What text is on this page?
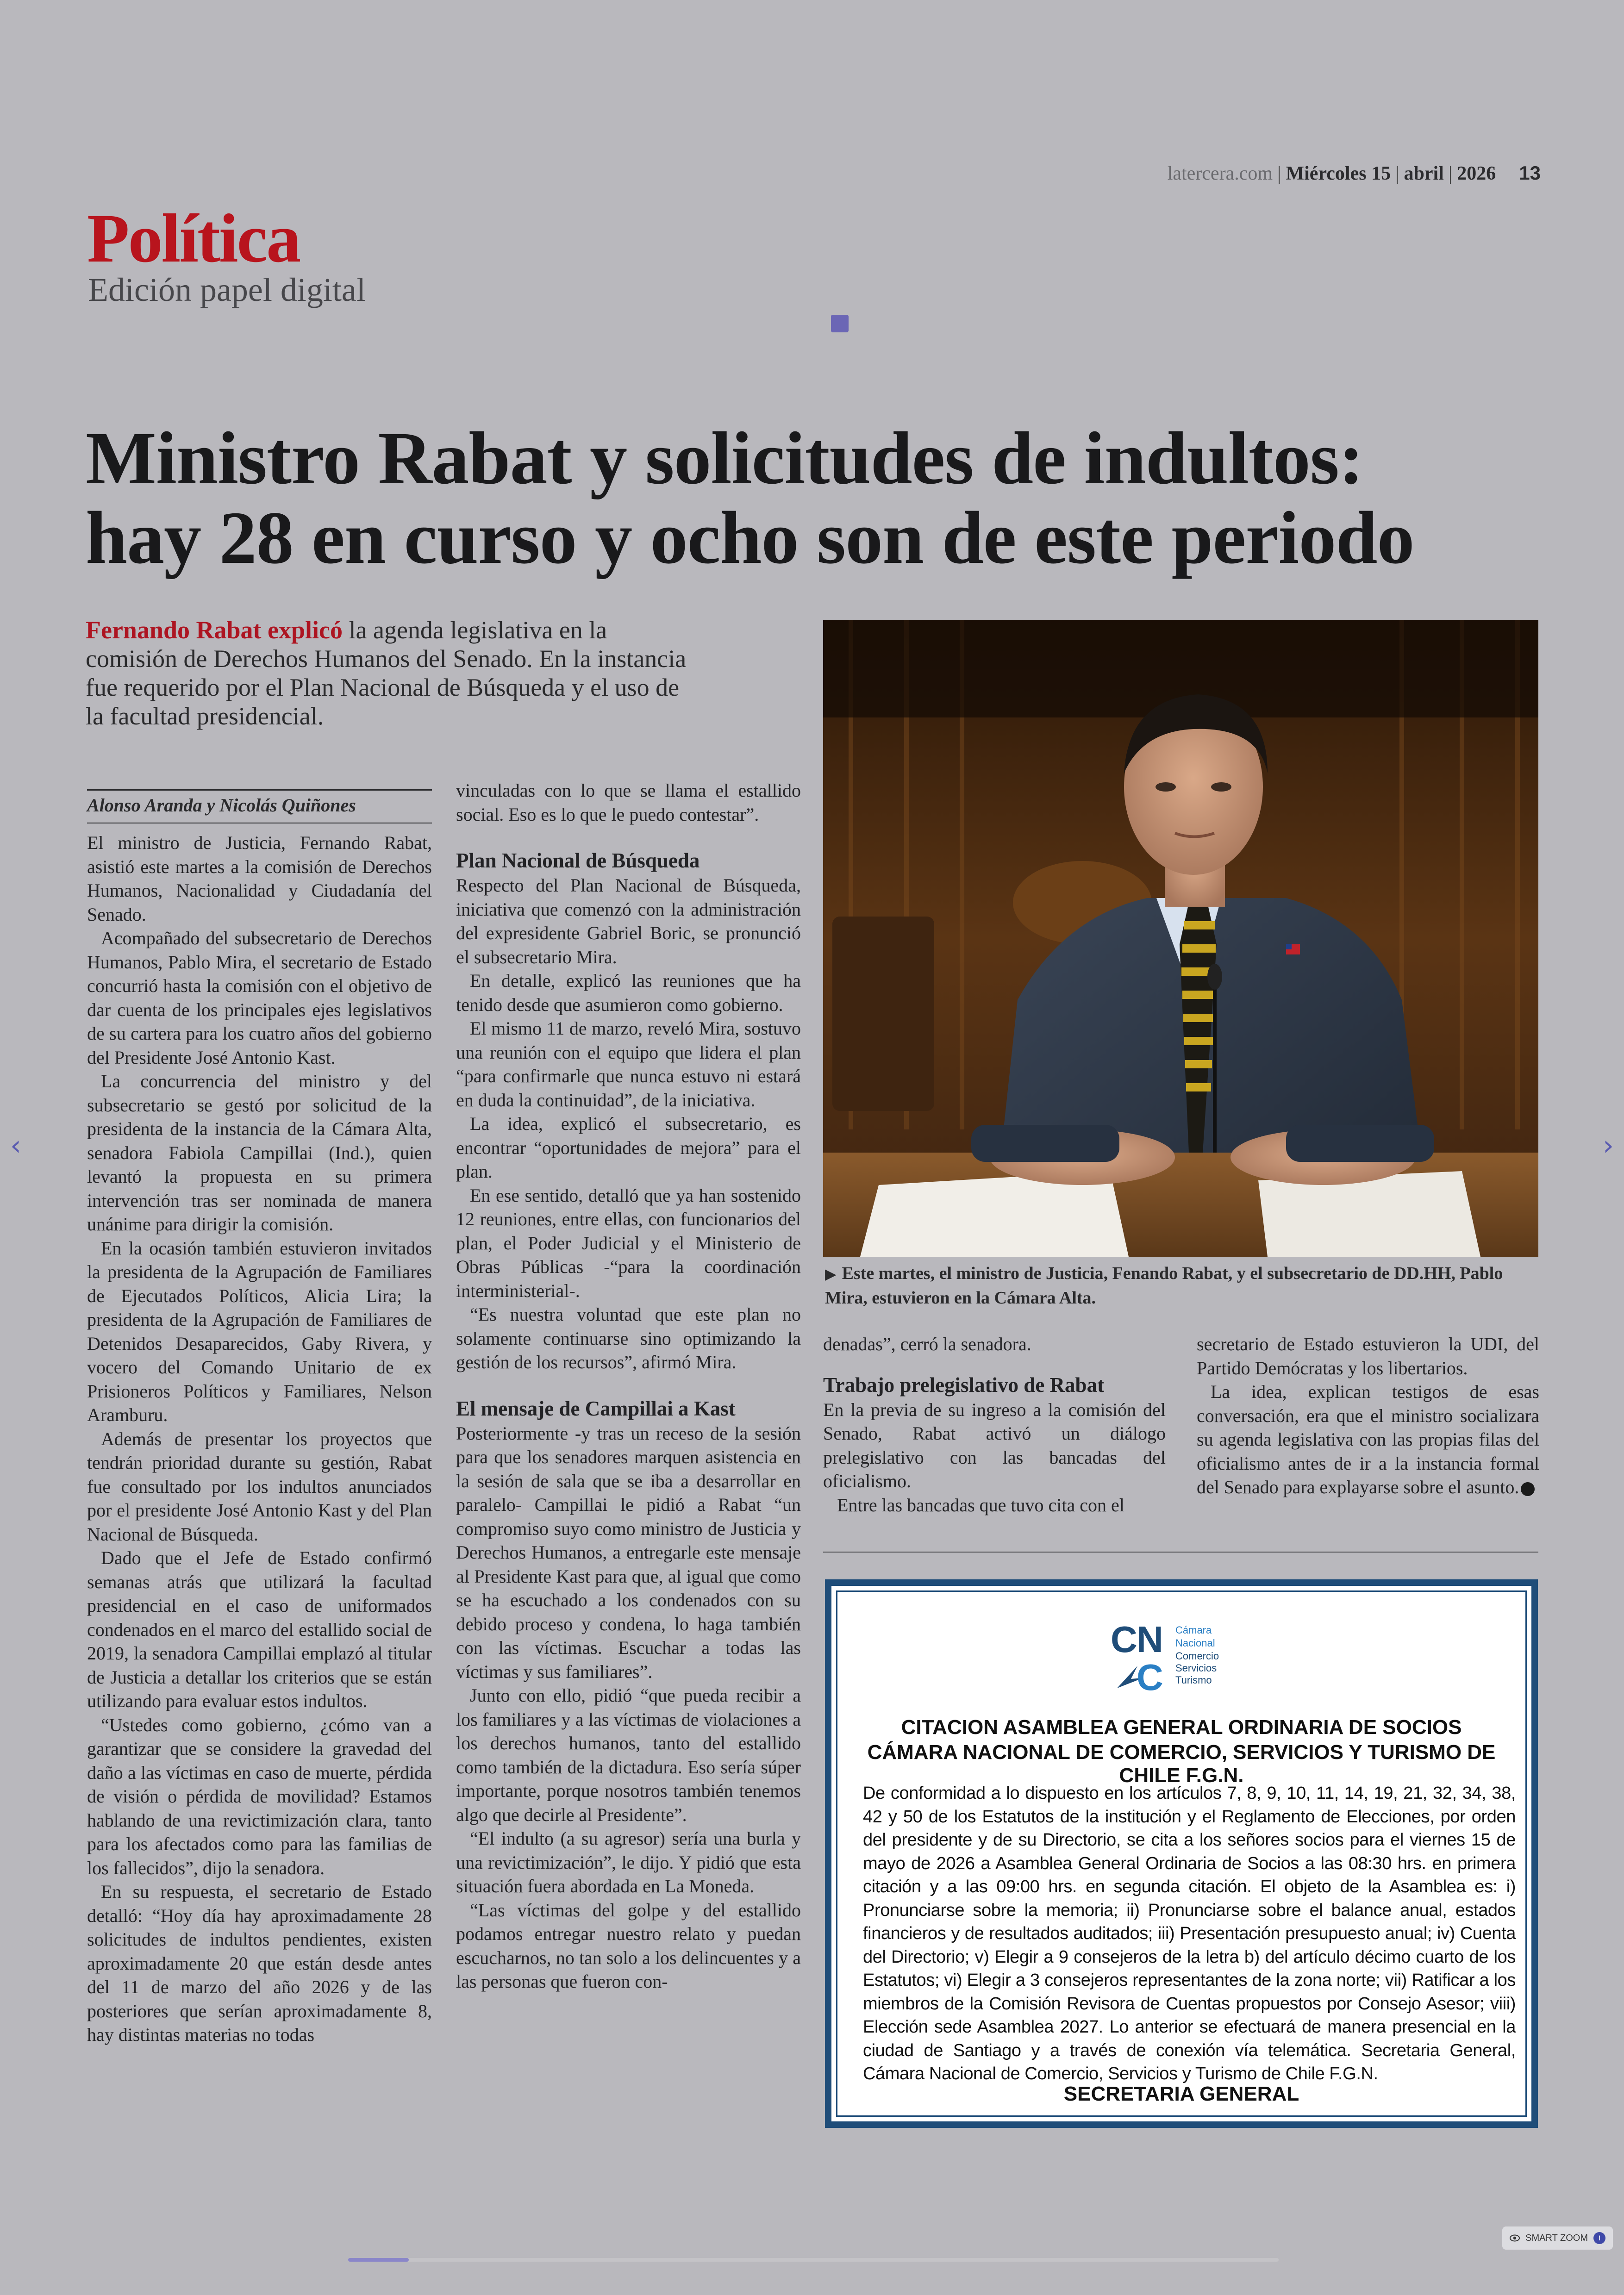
latercera.com | Miércoles 15 | abril | 2026 13
Política
Edición papel digital
Ministro Rabat y solicitudes de indultos:
hay 28 en curso y ocho son de este periodo
Fernando Rabat explicó la agenda legislativa en la comisión de Derechos Humanos del Senado. En la instancia fue requerido por el Plan Nacional de Búsqueda y el uso de la facultad presidencial.
▶ Este martes, el ministro de Justicia, Fenando Rabat, y el subsecretario de DD.HH, Pablo Mira, estuvieron en la Cámara Alta.
Alonso Aranda y Nicolás Quiñones

El ministro de Justicia, Fernando Rabat, asistió este martes a la comisión de Derechos Humanos, Nacionalidad y Ciudadanía del Senado.

Acompañado del subsecretario de Derechos Humanos, Pablo Mira, el secretario de Estado concurrió hasta la comisión con el objetivo de dar cuenta de los principales ejes legislativos de su cartera para los cuatro años del gobierno del Presidente José Antonio Kast.

La concurrencia del ministro y del subsecretario se gestó por solicitud de la presidenta de la instancia de la Cámara Alta, senadora Fabiola Campillai (Ind.), quien levantó la propuesta en su primera intervención tras ser nominada de manera unánime para dirigir la comisión.

En la ocasión también estuvieron invitados la presidenta de la Agrupación de Familiares de Ejecutados Políticos, Alicia Lira; la presidenta de la Agrupación de Familiares de Detenidos Desaparecidos, Gaby Rivera, y vocero del Comando Unitario de ex Prisioneros Políticos y Familiares, Nelson Aramburu.

Además de presentar los proyectos que tendrán prioridad durante su gestión, Rabat fue consultado por los indultos anunciados por el presidente José Antonio Kast y del Plan Nacional de Búsqueda.

Dado que el Jefe de Estado confirmó semanas atrás que utilizará la facultad presidencial en el caso de uniformados condenados en el marco del estallido social de 2019, la senadora Campillai emplazó al titular de Justicia a detallar los criterios que se están utilizando para evaluar estos indultos.

“Ustedes como gobierno, ¿cómo van a garantizar que se considere la gravedad del daño a las víctimas en caso de muerte, pérdida de visión o pérdida de movilidad? Estamos hablando de una revictimización clara, tanto para los afectados como para las familias de los fallecidos”, dijo la senadora.

En su respuesta, el secretario de Estado detalló: “Hoy día hay aproximadamente 28 solicitudes de indultos pendientes, existen aproximadamente 20 que están desde antes del 11 de marzo del año 2026 y de las posteriores que serían aproximadamente 8, hay distintas materias no todas

vinculadas con lo que se llama el estallido social. Eso es lo que le puedo contestar”.

Plan Nacional de Búsqueda

Respecto del Plan Nacional de Búsqueda, iniciativa que comenzó con la administración del expresidente Gabriel Boric, se pronunció el subsecretario Mira.

En detalle, explicó las reuniones que ha tenido desde que asumieron como gobierno.

El mismo 11 de marzo, reveló Mira, sostuvo una reunión con el equipo que lidera el plan “para confirmarle que nunca estuvo ni estará en duda la continuidad”, de la iniciativa.

La idea, explicó el subsecretario, es encontrar “oportunidades de mejora” para el plan.

En ese sentido, detalló que ya han sostenido 12 reuniones, entre ellas, con funcionarios del plan, el Poder Judicial y el Ministerio de Obras Públicas -“para la coordinación interministerial-.

“Es nuestra voluntad que este plan no solamente continuarse sino optimizando la gestión de los recursos”, afirmó Mira.

El mensaje de Campillai a Kast

Posteriormente -y tras un receso de la sesión para que los senadores marquen asistencia en la sesión de sala que se iba a desarrollar en paralelo- Campillai le pidió a Rabat “un compromiso suyo como ministro de Justicia y Derechos Humanos, a entregarle este mensaje al Presidente Kast para que, al igual que como se ha escuchado a los condenados con su debido proceso y condena, lo haga también con las víctimas. Escuchar a todas las víctimas y sus familiares”.

Junto con ello, pidió “que pueda recibir a los familiares y a las víctimas de violaciones a los derechos humanos, tanto del estallido como también de la dictadura. Eso sería súper importante, porque nosotros también tenemos algo que decirle al Presidente”.

“El indulto (a su agresor) sería una burla y una revictimización”, le dijo. Y pidió que esta situación fuera abordada en La Moneda.

“Las víctimas del golpe y del estallido podamos entregar nuestro relato y puedan escucharnos, no tan solo a los delincuentes y a las personas que fueron con-

denadas”, cerró la senadora.

Trabajo prelegislativo de Rabat

En la previa de su ingreso a la comisión del Senado, Rabat activó un diálogo prelegislativo con las bancadas del oficialismo.

Entre las bancadas que tuvo cita con el

secretario de Estado estuvieron la UDI, del Partido Demócratas y los libertarios.

La idea, explican testigos de esas conversación, era que el ministro socializara su agenda legislativa con las propias filas del oficialismo antes de ir a la instancia formal del Senado para explayarse sobre el asunto.

C
N
C
Cámara
Nacional
Comercio
Servicios
Turismo
CITACION ASAMBLEA GENERAL ORDINARIA DE SOCIOS
CÁMARA NACIONAL DE COMERCIO, SERVICIOS Y TURISMO DE CHILE F.G.N.
De conformidad a lo dispuesto en los artículos 7, 8, 9, 10, 11, 14, 19, 21, 32, 34, 38, 42 y 50 de los Estatutos de la institución y el Reglamento de Elecciones, por orden del presidente y de su Directorio, se cita a los señores socios para el viernes 15 de mayo de 2026 a Asamblea General Ordinaria de Socios a las 08:30 hrs. en primera citación y a las 09:00 hrs. en segunda citación. El objeto de la Asamblea es: i) Pronunciarse sobre la memoria; ii) Pronunciarse sobre el balance anual, estados financieros y de resultados auditados; iii) Presentación presupuesto anual; iv) Cuenta del Directorio; v) Elegir a 9 consejeros de la letra b) del artículo décimo cuarto de los Estatutos; vi) Elegir a 3 consejeros representantes de la zona norte; vii) Ratificar a los miembros de la Comisión Revisora de Cuentas propuestos por Consejo Asesor; viii) Elección sede Asamblea 2027. Lo anterior se efectuará de manera presencial en la ciudad de Santiago y a través de conexión vía telemática. Secretaria General, Cámara Nacional de Comercio, Servicios y Turismo de Chile F.G.N.
SECRETARIA GENERAL
‹	›
SMART ZOOM	i
